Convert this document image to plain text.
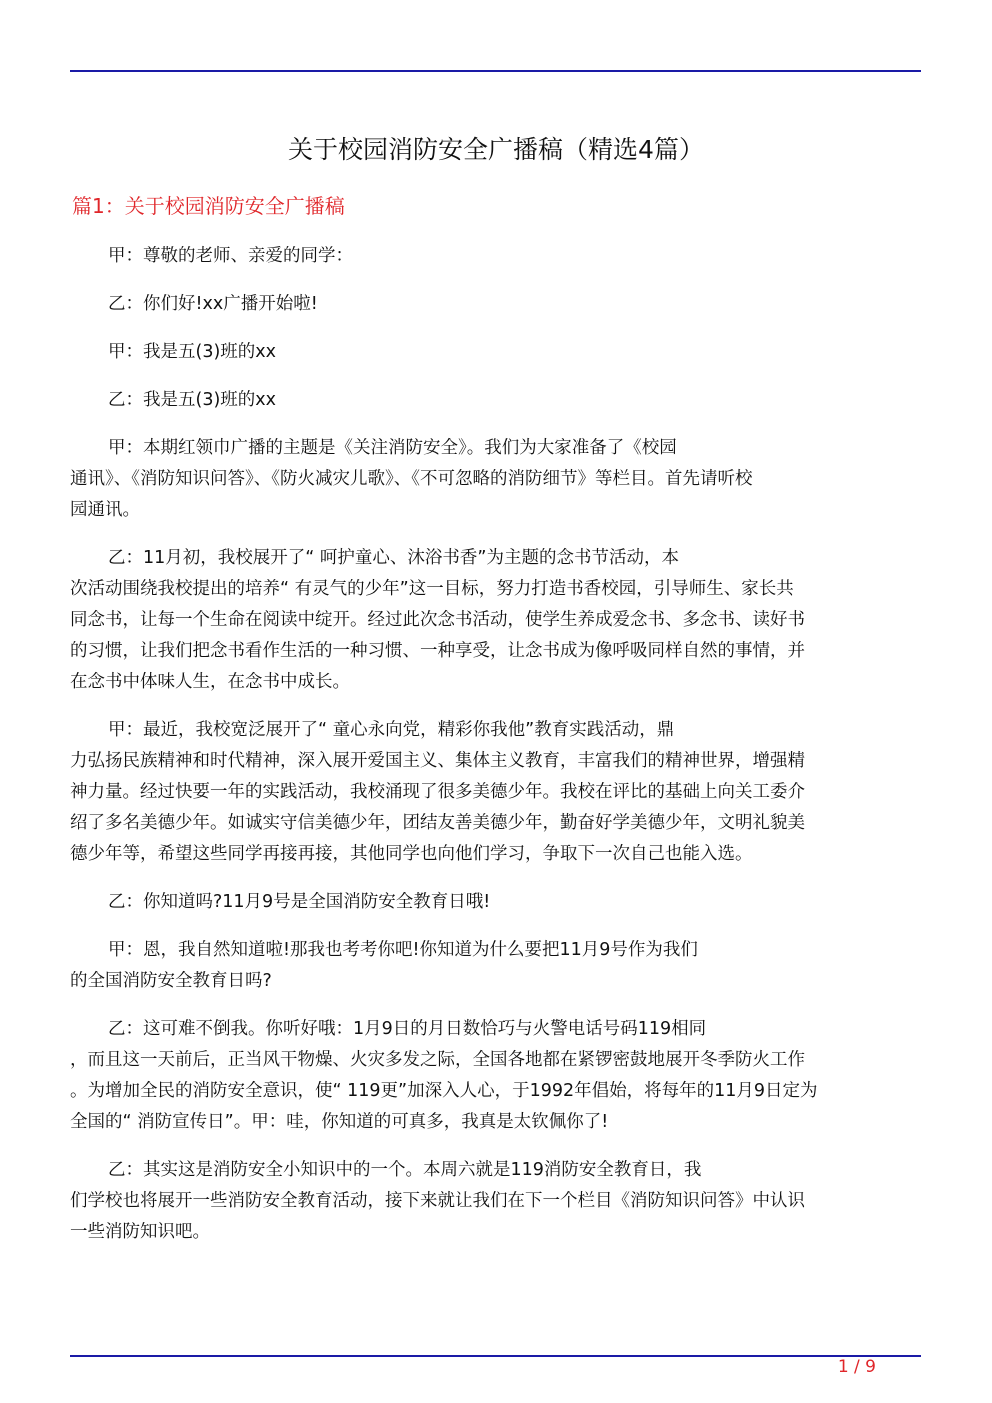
关于校园消防安全广播稿（精选4篇）
篇1：关于校园消防安全广播稿
甲：尊敬的老师、亲爱的同学：
乙：你们好!xx广播开始啦!
甲：我是五(3)班的xx
乙：我是五(3)班的xx
甲：本期红领巾广播的主题是《关注消防安全》。我们为大家准备了《校园
通讯》、《消防知识问答》、《防火减灾儿歌》、《不可忽略的消防细节》等栏目。首先请听校
园通讯。
乙：11月初，我校展开了“ 呵护童心、沐浴书香”为主题的念书节活动，本
次活动围绕我校提出的培养“ 有灵气的少年”这一目标，努力打造书香校园，引导师生、家长共
同念书，让每一个生命在阅读中绽开。经过此次念书活动，使学生养成爱念书、多念书、读好书
的习惯，让我们把念书看作生活的一种习惯、一种享受，让念书成为像呼吸同样自然的事情，并
在念书中体味人生，在念书中成长。
甲：最近，我校宽泛展开了“ 童心永向党，精彩你我他”教育实践活动，鼎
力弘扬民族精神和时代精神，深入展开爱国主义、集体主义教育，丰富我们的精神世界，增强精
神力量。经过快要一年的实践活动，我校涌现了很多美德少年。我校在评比的基础上向关工委介
绍了多名美德少年。如诚实守信美德少年，团结友善美德少年，勤奋好学美德少年，文明礼貌美
德少年等，希望这些同学再接再接，其他同学也向他们学习，争取下一次自己也能入选。
乙：你知道吗?11月9号是全国消防安全教育日哦!
甲：恩，我自然知道啦!那我也考考你吧!你知道为什么要把11月9号作为我们
的全国消防安全教育日吗?
乙：这可难不倒我。你听好哦：1月9日的月日数恰巧与火警电话号码119相同
，而且这一天前后，正当风干物燥、火灾多发之际，全国各地都在紧锣密鼓地展开冬季防火工作
。为增加全民的消防安全意识，使“ 119更”加深入人心，于1992年倡始，将每年的11月9日定为
全国的“ 消防宣传日”。甲：哇，你知道的可真多，我真是太钦佩你了!
乙：其实这是消防安全小知识中的一个。本周六就是119消防安全教育日，我
们学校也将展开一些消防安全教育活动，接下来就让我们在下一个栏目《消防知识问答》中认识
一些消防知识吧。
1 / 9
